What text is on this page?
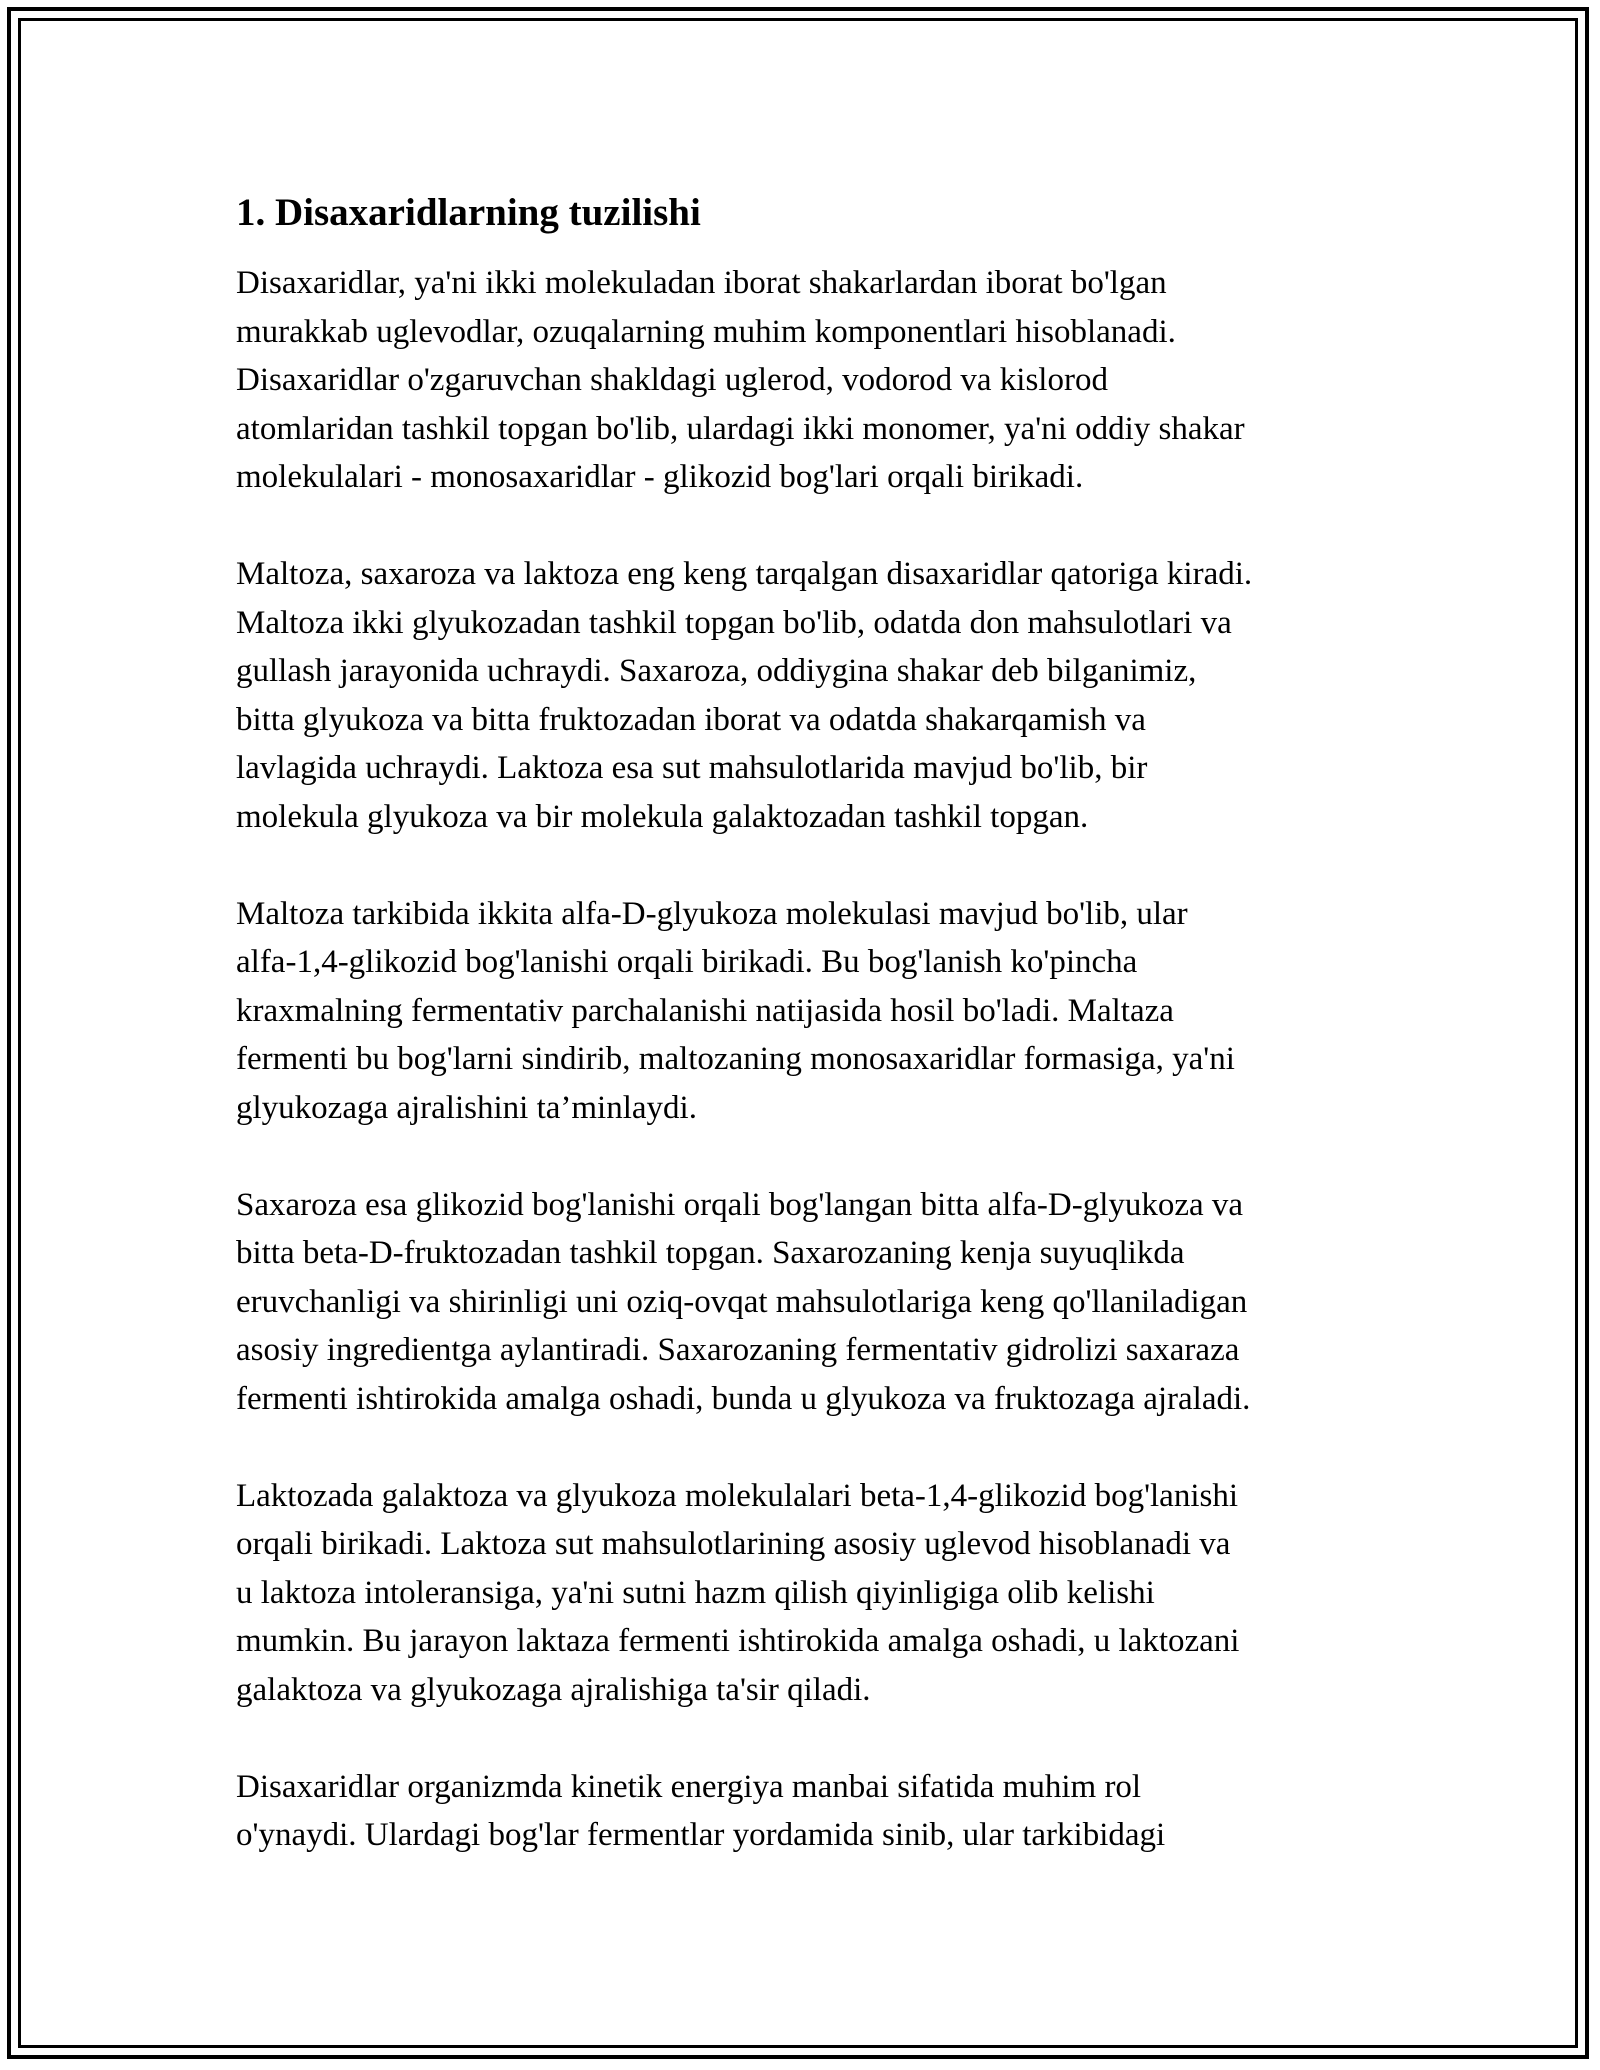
1. Disaxaridlarning tuzilishi

Disaxaridlar, ya'ni ikki molekuladan iborat shakarlardan iborat bo'lgan
murakkab uglevodlar, ozuqalarning muhim komponentlari hisoblanadi.
Disaxaridlar o'zgaruvchan shakldagi uglerod, vodorod va kislorod
atomlaridan tashkil topgan bo'lib, ulardagi ikki monomer, ya'ni oddiy shakar
molekulalari - monosaxaridlar - glikozid bog'lari orqali birikadi.

Maltoza, saxaroza va laktoza eng keng tarqalgan disaxaridlar qatoriga kiradi.
Maltoza ikki glyukozadan tashkil topgan bo'lib, odatda don mahsulotlari va
gullash jarayonida uchraydi. Saxaroza, oddiygina shakar deb bilganimiz,
bitta glyukoza va bitta fruktozadan iborat va odatda shakarqamish va
lavlagida uchraydi. Laktoza esa sut mahsulotlarida mavjud bo'lib, bir
molekula glyukoza va bir molekula galaktozadan tashkil topgan.

Maltoza tarkibida ikkita alfa-D-glyukoza molekulasi mavjud bo'lib, ular
alfa-1,4-glikozid bog'lanishi orqali birikadi. Bu bog'lanish ko'pincha
kraxmalning fermentativ parchalanishi natijasida hosil bo'ladi. Maltaza
fermenti bu bog'larni sindirib, maltozaning monosaxaridlar formasiga, ya'ni
glyukozaga ajralishini ta’minlaydi.

Saxaroza esa glikozid bog'lanishi orqali bog'langan bitta alfa-D-glyukoza va
bitta beta-D-fruktozadan tashkil topgan. Saxarozaning kenja suyuqlikda
eruvchanligi va shirinligi uni oziq-ovqat mahsulotlariga keng qo'llaniladigan
asosiy ingredientga aylantiradi. Saxarozaning fermentativ gidrolizi saxaraza
fermenti ishtirokida amalga oshadi, bunda u glyukoza va fruktozaga ajraladi.

Laktozada galaktoza va glyukoza molekulalari beta-1,4-glikozid bog'lanishi
orqali birikadi. Laktoza sut mahsulotlarining asosiy uglevod hisoblanadi va
u laktoza intoleransiga, ya'ni sutni hazm qilish qiyinligiga olib kelishi
mumkin. Bu jarayon laktaza fermenti ishtirokida amalga oshadi, u laktozani
galaktoza va glyukozaga ajralishiga ta'sir qiladi.

Disaxaridlar organizmda kinetik energiya manbai sifatida muhim rol
o'ynaydi. Ulardagi bog'lar fermentlar yordamida sinib, ular tarkibidagi
